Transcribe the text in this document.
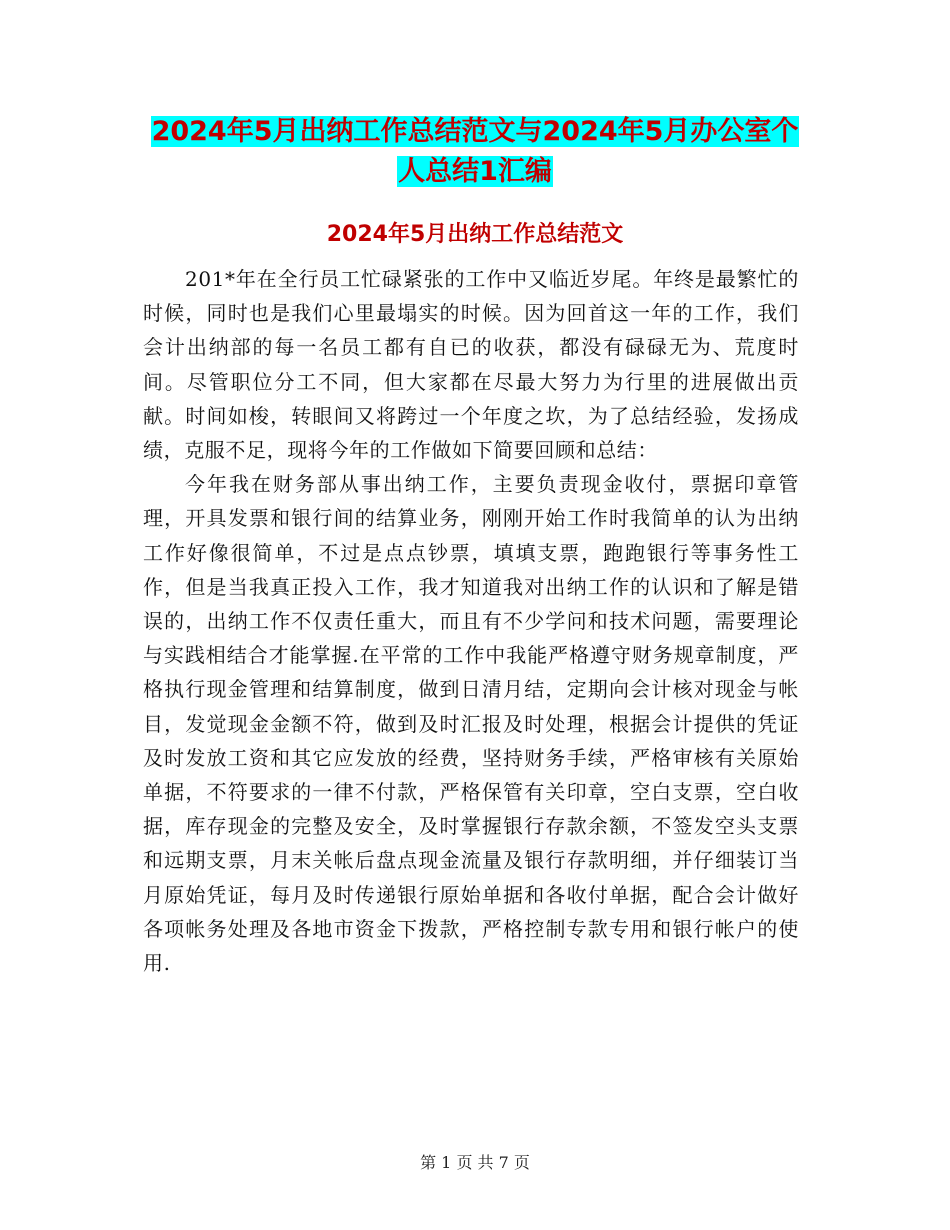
2024年5月出纳工作总结范文与2024年5月办公室个
人总结1汇编
2024年5月出纳工作总结范文

201*年在全行员工忙碌紧张的工作中又临近岁尾。年终是最繁忙的时候，同时也是我们心里最塌实的时候。因为回首这一年的工作，我们会计出纳部的每一名员工都有自已的收获，都没有碌碌无为、荒度时间。尽管职位分工不同，但大家都在尽最大努力为行里的进展做出贡献。时间如梭，转眼间又将跨过一个年度之坎，为了总结经验，发扬成绩，克服不足，现将今年的工作做如下简要回顾和总结：

今年我在财务部从事出纳工作，主要负责现金收付，票据印章管理，开具发票和银行间的结算业务，刚刚开始工作时我简单的认为出纳工作好像很简单，不过是点点钞票，填填支票，跑跑银行等事务性工作，但是当我真正投入工作，我才知道我对出纳工作的认识和了解是错误的，出纳工作不仅责任重大，而且有不少学问和技术问题，需要理论与实践相结合才能掌握.在平常的工作中我能严格遵守财务规章制度，严格执行现金管理和结算制度，做到日清月结，定期向会计核对现金与帐目，发觉现金金额不符，做到及时汇报及时处理，根据会计提供的凭证及时发放工资和其它应发放的经费，坚持财务手续，严格审核有关原始单据，不符要求的一律不付款，严格保管有关印章，空白支票，空白收据，库存现金的完整及安全，及时掌握银行存款余额，不签发空头支票和远期支票，月末关帐后盘点现金流量及银行存款明细，并仔细装订当月原始凭证，每月及时传递银行原始单据和各收付单据，配合会计做好各项帐务处理及各地市资金下拨款，严格控制专款专用和银行帐户的使用.

第 1 页 共 7 页
